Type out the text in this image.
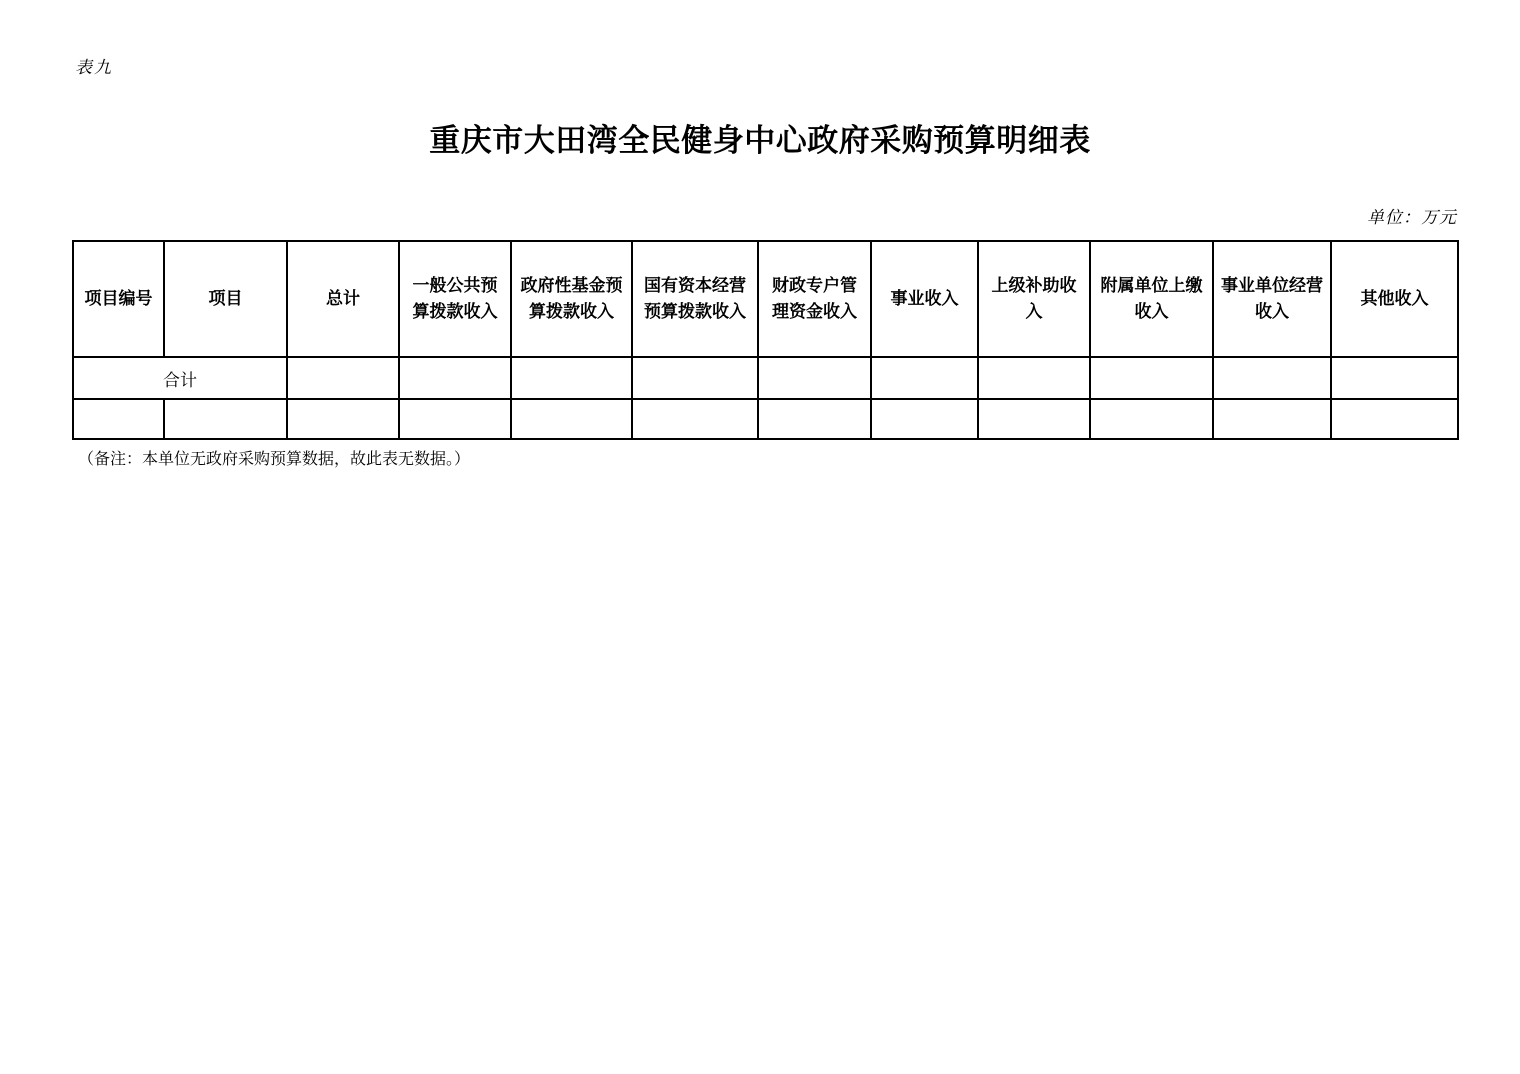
表九
重庆市大田湾全民健身中心政府采购预算明细表
单位：万元
项目编号	项目	总计	一般公共预算拨款收入	政府性基金预算拨款收入	国有资本经营预算拨款收入	财政专户管理资金收入	事业收入	上级补助收入	附属单位上缴收入	事业单位经营收入	其他收入
合计											

（备注：本单位无政府采购预算数据，故此表无数据。）
